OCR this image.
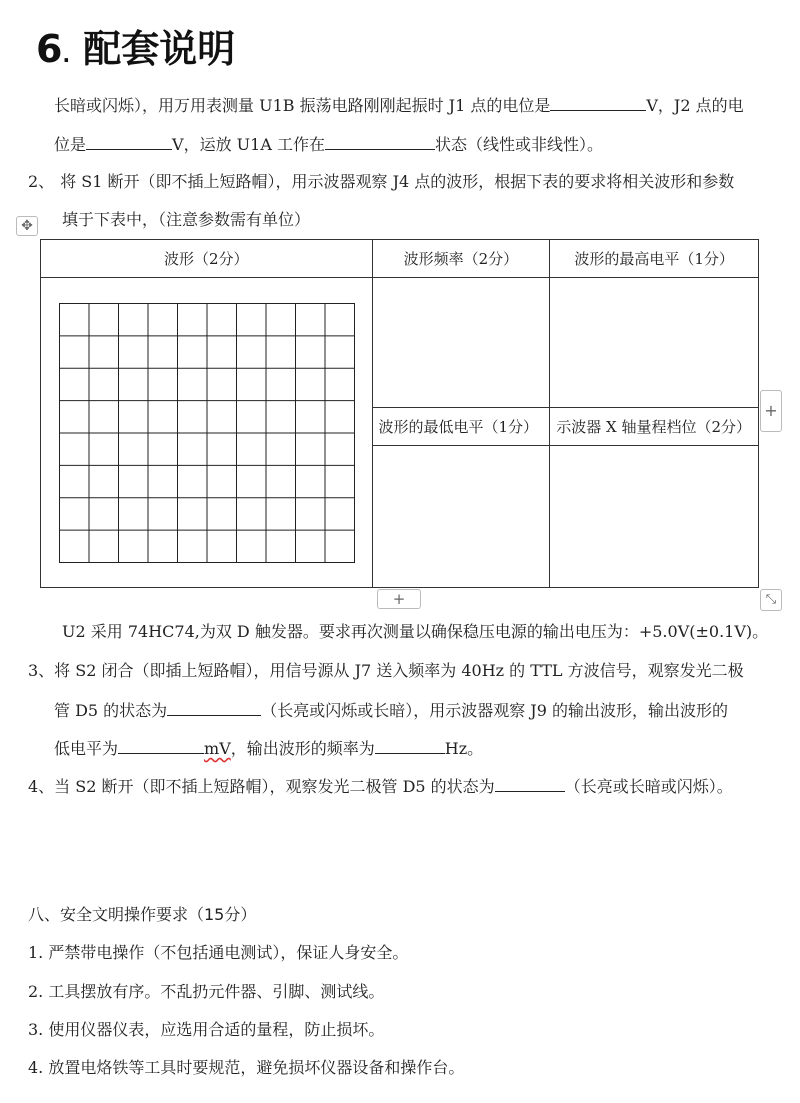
6. 配套说明
长暗或闪烁），用万用表测量 U1B 振荡电路刚刚起振时 J1 点的电位是	V，J2 点的电
位是	V，运放 U1A 工作在	状态（线性或非线性）。
2、 将 S1 断开（即不插上短路帽），用示波器观察 J4 点的波形，根据下表的要求将相关波形和参数
填于下表中，（注意参数需有单位）
✥
波形（2分）	波形频率（2分）	波形的最高电平（1分）

	波形的最低电平（1分）	示波器 X 轴量程档位（2分）

+
+	⤡
U2 采用 74HC74,为双 D 触发器。要求再次测量以确保稳压电源的输出电压为：+5.0V(±0.1V)。
3、将 S2 闭合（即插上短路帽），用信号源从 J7 送入频率为 40Hz 的 TTL 方波信号，观察发光二极
管 D5 的状态为	（长亮或闪烁或长暗），用示波器观察 J9 的输出波形，输出波形的
低电平为	mV，输出波形的频率为	Hz。
4、当 S2 断开（即不插上短路帽），观察发光二极管 D5 的状态为	（长亮或长暗或闪烁）。
八、安全文明操作要求（15分）
1. 严禁带电操作（不包括通电测试），保证人身安全。
2. 工具摆放有序。不乱扔元件器、引脚、测试线。
3. 使用仪器仪表，应选用合适的量程，防止损坏。
4. 放置电烙铁等工具时要规范，避免损坏仪器设备和操作台。
